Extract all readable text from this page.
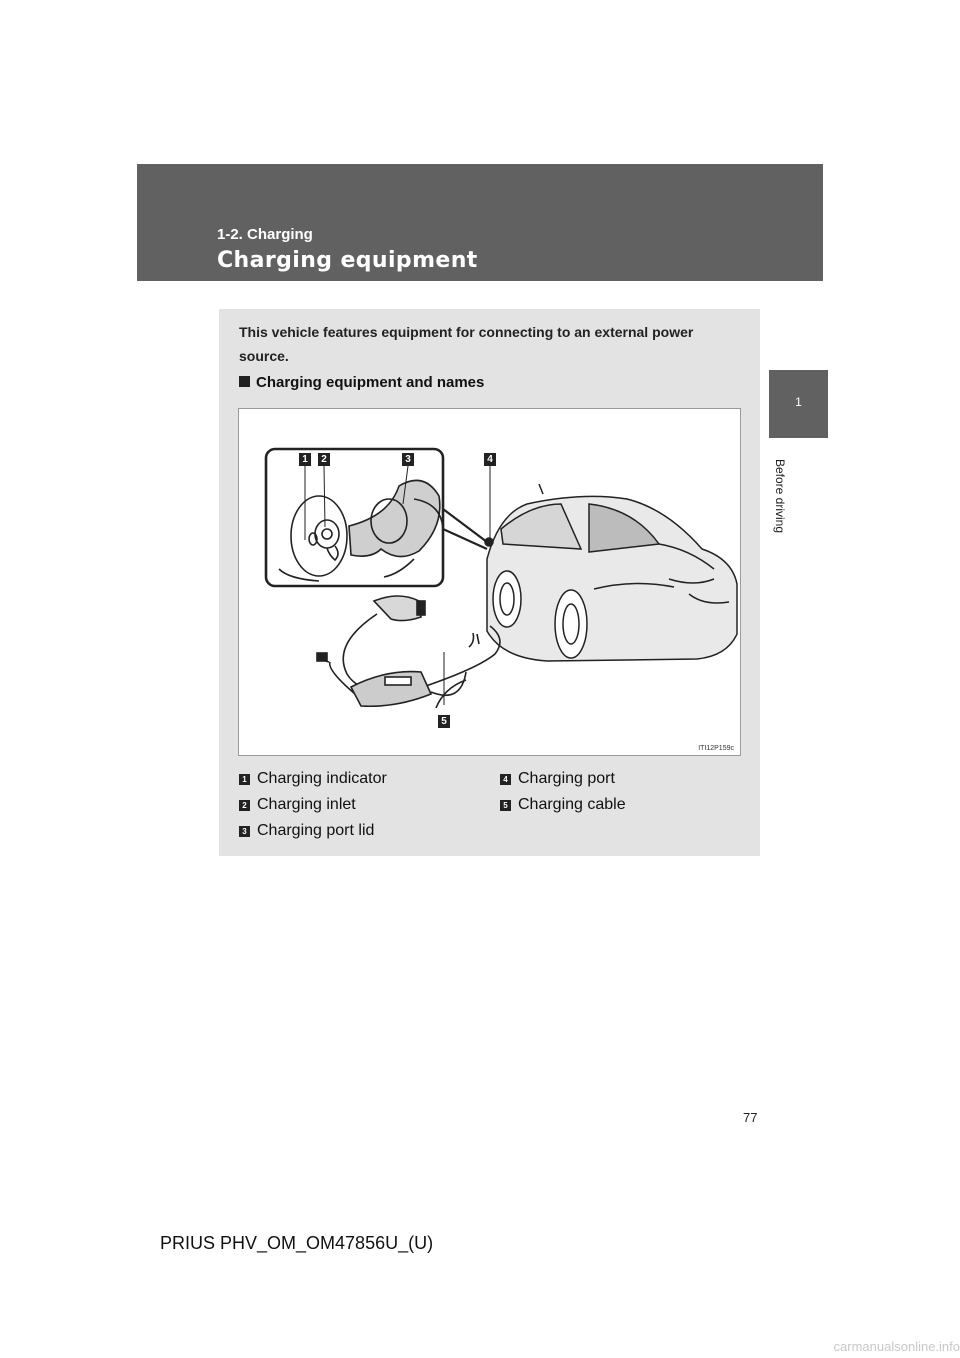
1-2. Charging
Charging equipment
1
Before driving
This vehicle features equipment for connecting to an external power source.
Charging equipment and names
1	2	3	4
5
ITI12P159c
1 Charging indicator
2 Charging inlet
3 Charging port lid
4 Charging port
5 Charging cable
77
PRIUS PHV_OM_OM47856U_(U)
carmanualsonline.info
